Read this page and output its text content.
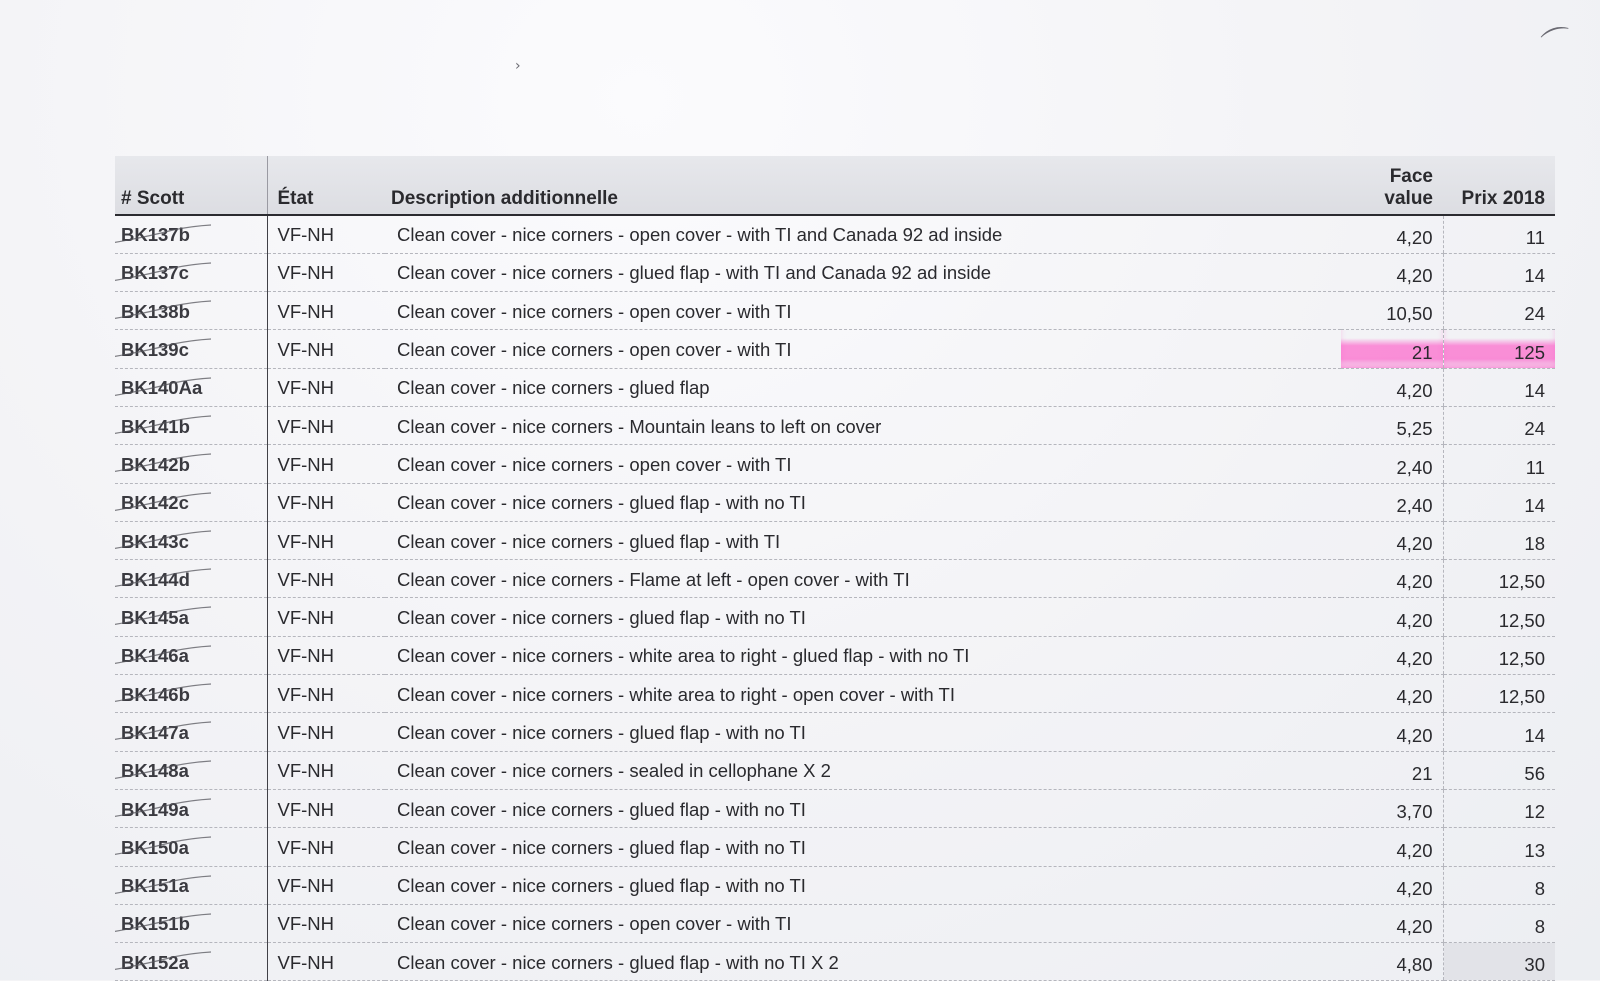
⌒
›
# Scott	État	Description additionnelle	Face value	Prix 2018
BK137b	VF-NH	Clean cover - nice corners - open cover - with TI and Canada 92 ad inside	4,20	11
BK137c	VF-NH	Clean cover - nice corners - glued flap - with TI and Canada 92 ad inside	4,20	14
BK138b	VF-NH	Clean cover - nice corners - open cover - with TI	10,50	24
BK139c	VF-NH	Clean cover - nice corners - open cover - with TI	21	125
BK140Aa	VF-NH	Clean cover - nice corners - glued flap	4,20	14
BK141b	VF-NH	Clean cover - nice corners - Mountain leans to left on cover	5,25	24
BK142b	VF-NH	Clean cover - nice corners - open cover - with TI	2,40	11
BK142c	VF-NH	Clean cover - nice corners - glued flap - with no TI	2,40	14
BK143c	VF-NH	Clean cover - nice corners - glued flap - with TI	4,20	18
BK144d	VF-NH	Clean cover - nice corners - Flame at left - open cover - with TI	4,20	12,50
BK145a	VF-NH	Clean cover - nice corners - glued flap - with no TI	4,20	12,50
BK146a	VF-NH	Clean cover - nice corners - white area to right - glued flap - with no TI	4,20	12,50
BK146b	VF-NH	Clean cover - nice corners - white area to right - open cover - with TI	4,20	12,50
BK147a	VF-NH	Clean cover - nice corners - glued flap - with no TI	4,20	14
BK148a	VF-NH	Clean cover - nice corners - sealed in cellophane X 2	21	56
BK149a	VF-NH	Clean cover - nice corners - glued flap - with no TI	3,70	12
BK150a	VF-NH	Clean cover - nice corners - glued flap - with no TI	4,20	13
BK151a	VF-NH	Clean cover - nice corners - glued flap - with no TI	4,20	8
BK151b	VF-NH	Clean cover - nice corners - open cover - with TI	4,20	8
BK152a	VF-NH	Clean cover - nice corners - glued flap - with no TI X 2	4,80	30
